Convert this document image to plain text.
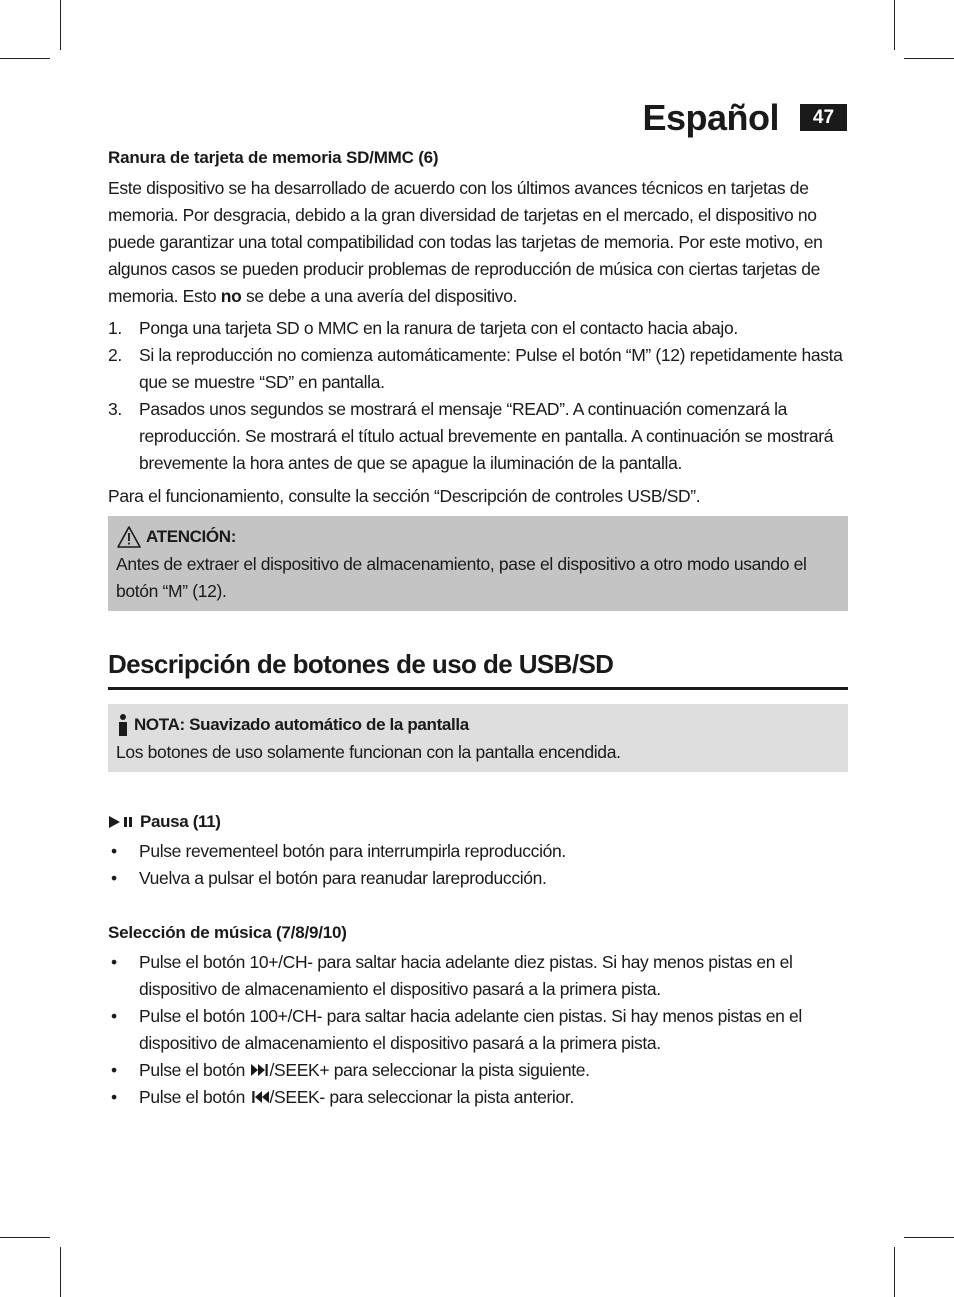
Español	47

Ranura de tarjeta de memoria SD/MMC (6)

Este dispositivo se ha desarrollado de acuerdo con los últimos avances técnicos en tarjetas de memoria. Por desgracia, debido a la gran diversidad de tarjetas en el mercado, el dispositivo no puede garantizar una total compatibilidad con todas las tarjetas de memoria. Por este motivo, en algunos casos se pueden producir problemas de reproducción de música con ciertas tarjetas de memoria. Esto no se debe a una avería del dispositivo.

1. Ponga una tarjeta SD o MMC en la ranura de tarjeta con el contacto hacia abajo.
2. Si la reproducción no comienza automáticamente: Pulse el botón “M” (12) repetidamente hasta que se muestre “SD” en pantalla.
3. Pasados unos segundos se mostrará el mensaje “READ”. A continuación comenzará la reproducción. Se mostrará el título actual brevemente en pantalla. A continuación se mostrará brevemente la hora antes de que se apague la iluminación de la pantalla.

Para el funcionamiento, consulte la sección “Descripción de controles USB/SD”.

ATENCIÓN:

Antes de extraer el dispositivo de almacenamiento, pase el dispositivo a otro modo usando el botón “M” (12).

Descripción de botones de uso de USB/SD
NOTA: Suavizado automático de la pantalla

Los botones de uso solamente funcionan con la pantalla encendida.

Pausa (11)
• Pulse revementeel botón para interrumpirla reproducción.
• Vuelva a pulsar el botón para reanudar lareproducción.

Selección de música (7/8/9/10)

• Pulse el botón 10+/CH- para saltar hacia adelante diez pistas. Si hay menos pistas en el dispositivo de almacenamiento el dispositivo pasará a la primera pista.
• Pulse el botón 100+/CH- para saltar hacia adelante cien pistas. Si hay menos pistas en el dispositivo de almacenamiento el dispositivo pasará a la primera pista.
• Pulse el botón
/SEEK+ para seleccionar la pista siguiente.
• Pulse el botón
/SEEK- para seleccionar la pista anterior.
